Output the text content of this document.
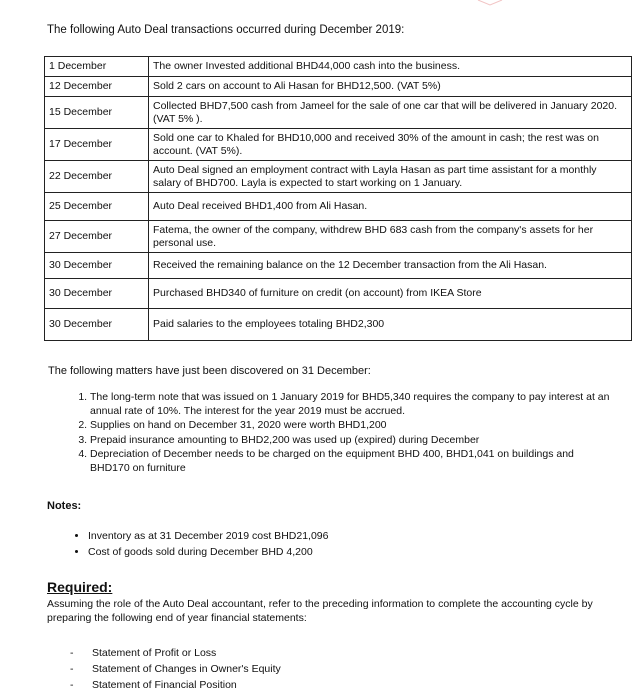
The following Auto Deal transactions occurred during December 2019:

1 December	The owner Invested additional BHD44,000 cash into the business.
12 December	Sold 2 cars on account to Ali Hasan for BHD12,500. (VAT 5%)
15 December	Collected BHD7,500 cash from Jameel for the sale of one car that will be delivered in January 2020. (VAT 5% ).
17 December	Sold one car to Khaled for BHD10,000 and received 30% of the amount in cash; the rest was on account. (VAT 5%).
22 December	Auto Deal signed an employment contract with Layla Hasan as part time assistant for a monthly salary of BHD700. Layla is expected to start working on 1 January.
25 December	Auto Deal received BHD1,400 from Ali Hasan.
27 December	Fatema, the owner of the company, withdrew BHD 683 cash from the company's assets for her personal use.
30 December	Received the remaining balance on the 12 December transaction from the Ali Hasan.
30 December	Purchased BHD340 of furniture on credit (on account) from IKEA Store
30 December	Paid salaries to the employees totaling BHD2,300

The following matters have just been discovered on 31 December:

1. The long-term note that was issued on 1 January 2019 for BHD5,340 requires the company to pay interest at an annual rate of 10%. The interest for the year 2019 must be accrued.
2. Supplies on hand on December 31, 2020 were worth BHD1,200
3. Prepaid insurance amounting to BHD2,200 was used up (expired) during December
4. Depreciation of December needs to be charged on the equipment BHD 400, BHD1,041 on buildings and BHD170 on furniture

Notes:

• Inventory as at 31 December 2019 cost BHD21,096
• Cost of goods sold during December BHD 4,200

Required:

Assuming the role of the Auto Deal accountant, refer to the preceding information to complete the accounting cycle by preparing the following end of year financial statements:

- Statement of Profit or Loss
- Statement of Changes in Owner's Equity
- Statement of Financial Position
